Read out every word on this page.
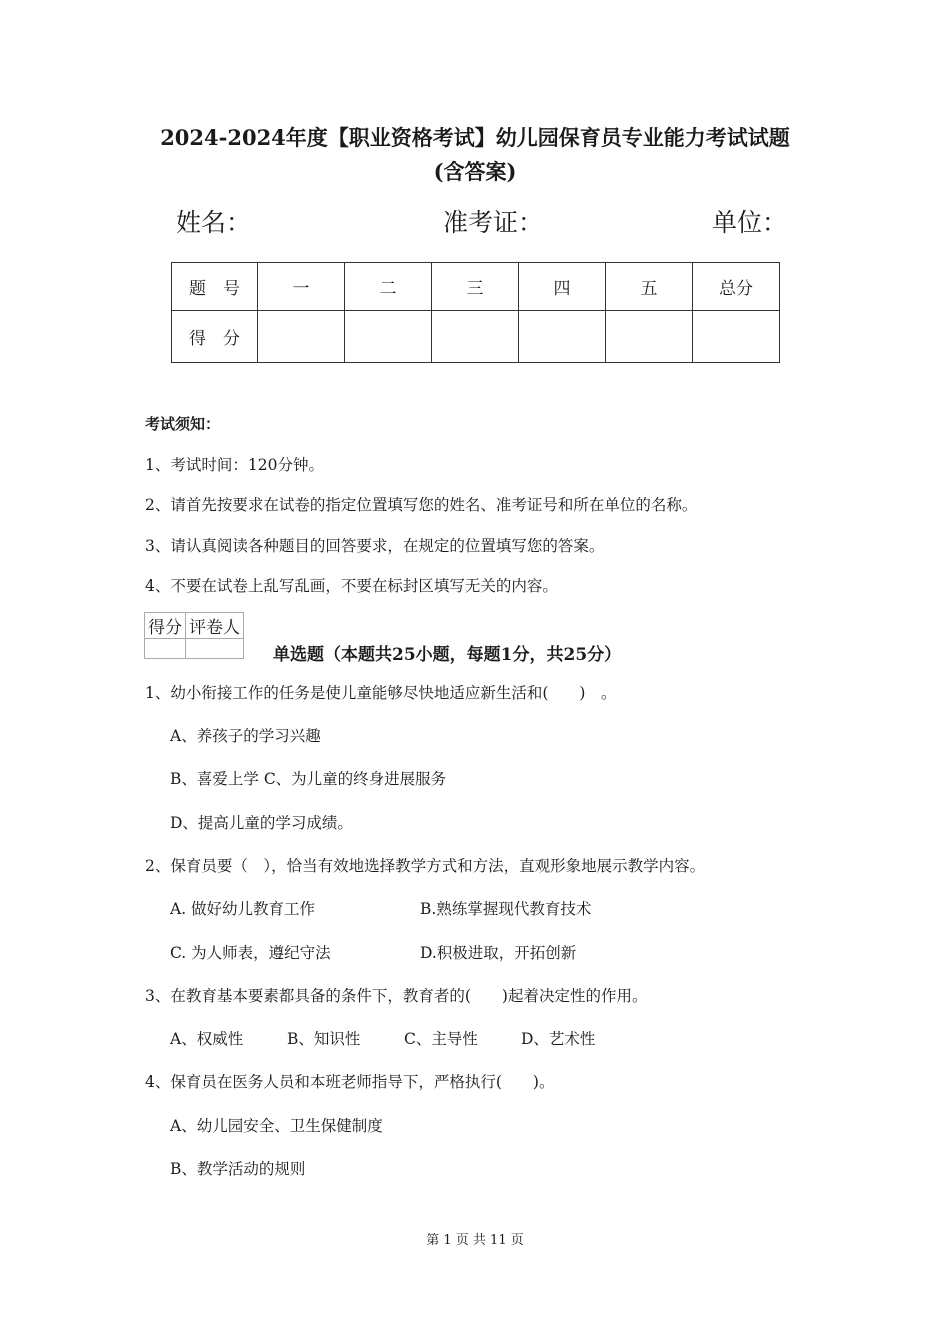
2024-2024年度【职业资格考试】幼儿园保育员专业能力考试试题
(含答案)
姓名：	准考证：	单位：
题　号	一	二	三	四	五	总分
得　分						
考试须知：
1、考试时间：120分钟。
2、请首先按要求在试卷的指定位置填写您的姓名、准考证号和所在单位的名称。
3、请认真阅读各种题目的回答要求，在规定的位置填写您的答案。
4、不要在试卷上乱写乱画，不要在标封区填写无关的内容。
得分	评卷人

单选题（本题共25小题，每题1分，共25分）
1、幼小衔接工作的任务是使儿童能够尽快地适应新生活和(　　)　。
A、养孩子的学习兴趣
B、喜爱上学 C、为儿童的终身进展服务
D、提高儿童的学习成绩。
2、保育员要（　），恰当有效地选择教学方式和方法，直观形象地展示教学内容。
A. 做好幼儿教育工作	B.熟练掌握现代教育技术
C. 为人师表，遵纪守法	D.积极进取，开拓创新
3、在教育基本要素都具备的条件下，教育者的(　　)起着决定性的作用。
A、权威性	B、知识性	C、主导性	D、艺术性
4、保育员在医务人员和本班老师指导下，严格执行(　　)。
A、幼儿园安全、卫生保健制度
B、教学活动的规则
第 1 页 共 11 页
